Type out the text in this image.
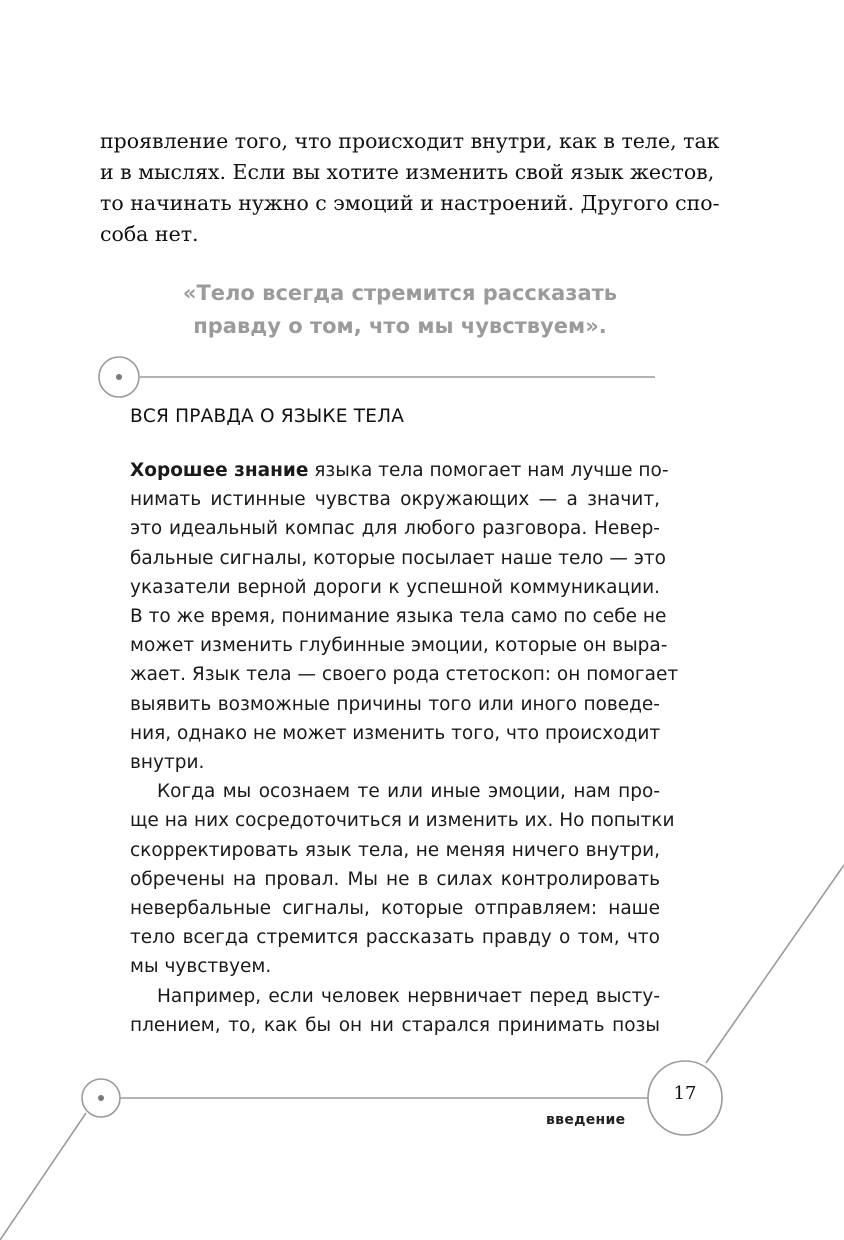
проявление того, что происходит внутри, как в теле, так
и в мыслях. Если вы хотите изменить свой язык жестов,
то начинать нужно с эмоций и настроений. Другого спо-
соба нет.
«Тело всегда стремится рассказать
правду о том, что мы чувствуем».
ВСЯ ПРАВДА О ЯЗЫКЕ ТЕЛА
Хорошее знание языка тела помогает нам лучше по-
нимать истинные чувства окружающих — а значит,
это идеальный компас для любого разговора. Невер-
бальные сигналы, которые посылает наше тело — это
указатели верной дороги к успешной коммуникации.
В то же время, понимание языка тела само по себе не
может изменить глубинные эмоции, которые он выра-
жает. Язык тела — своего рода стетоскоп: он помогает
выявить возможные причины того или иного поведе-
ния, однако не может изменить того, что происходит
внутри.
Когда мы осознаем те или иные эмоции, нам про-
ще на них сосредоточиться и изменить их. Но попытки
скорректировать язык тела, не меняя ничего внутри,
обречены на провал. Мы не в силах контролировать
невербальные сигналы, которые отправляем: наше
тело всегда стремится рассказать правду о том, что
мы чувствуем.
Например, если человек нервничает перед высту-
плением, то, как бы он ни старался принимать позы
17
введение
